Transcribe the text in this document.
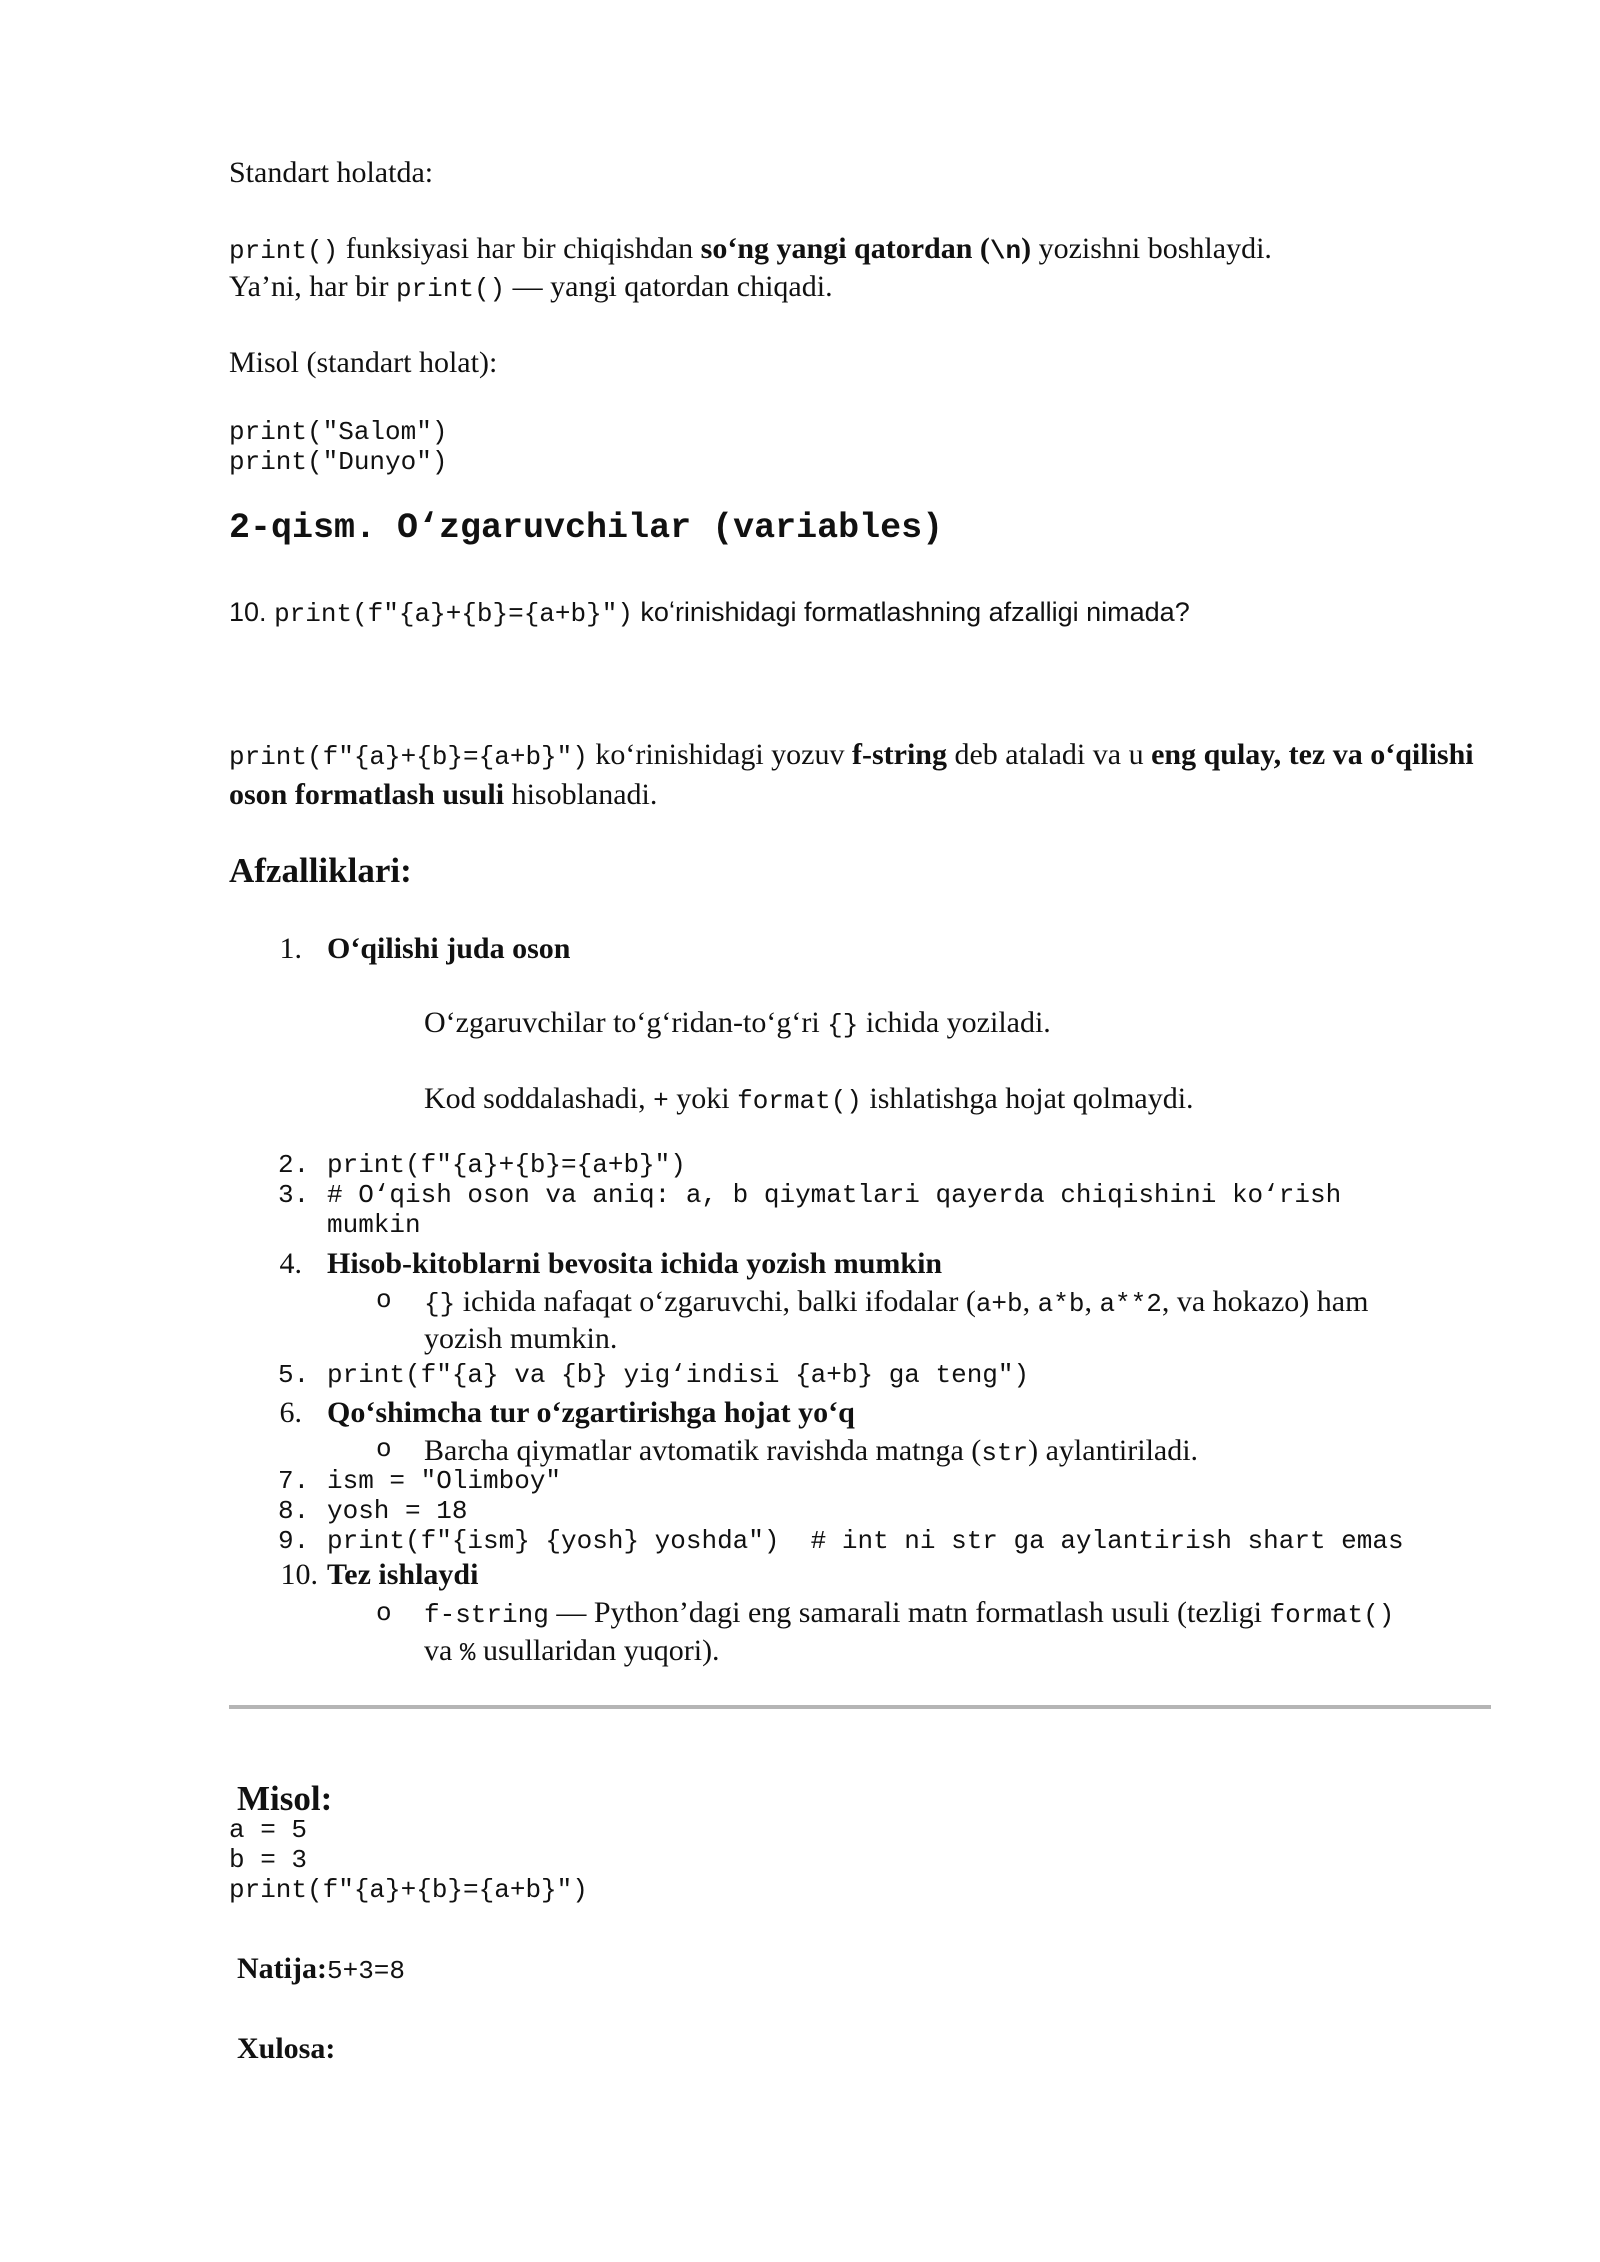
Standart holatda:
print() funksiyasi har bir chiqishdan so‘ng yangi qatordan (\n) yozishni boshlaydi.
Ya’ni, har bir print() — yangi qatordan chiqadi.
Misol (standart holat):
print("Salom")
print("Dunyo")
2-qism. O‘zgaruvchilar (variables)
10. print(f"{a}+{b}={a+b}") koʻrinishidagi formatlashning afzalligi nimada?
print(f"{a}+{b}={a+b}") ko‘rinishidagi yozuv f-string deb ataladi va u eng qulay, tez va o‘qilishi oson formatlash usuli hisoblanadi.
Afzalliklari:
1. O‘qilishi juda oson
O‘zgaruvchilar to‘g‘ridan-to‘g‘ri {} ichida yoziladi.
Kod soddalashadi, + yoki format() ishlatishga hojat qolmaydi.
2. print(f"{a}+{b}={a+b}")
3. # O‘qish oson va aniq: a, b qiymatlari qayerda chiqishini ko‘rish
mumkin
4. Hisob-kitoblarni bevosita ichida yozish mumkin
o {} ichida nafaqat o‘zgaruvchi, balki ifodalar (a+b, a*b, a**2, va hokazo) ham
yozish mumkin.
5. print(f"{a} va {b} yig‘indisi {a+b} ga teng")
6. Qo‘shimcha tur o‘zgartirishga hojat yo‘q
o Barcha qiymatlar avtomatik ravishda matnga (str) aylantiriladi.
7. ism = "Olimboy"
8. yosh = 18
9. print(f"{ism} {yosh} yoshda")  # int ni str ga aylantirish shart emas
10. Tez ishlaydi
o f-string — Python’dagi eng samarali matn formatlash usuli (tezligi format()
va % usullaridan yuqori).
Misol:
a = 5
b = 3
print(f"{a}+{b}={a+b}")
Natija:5+3=8
Xulosa:
